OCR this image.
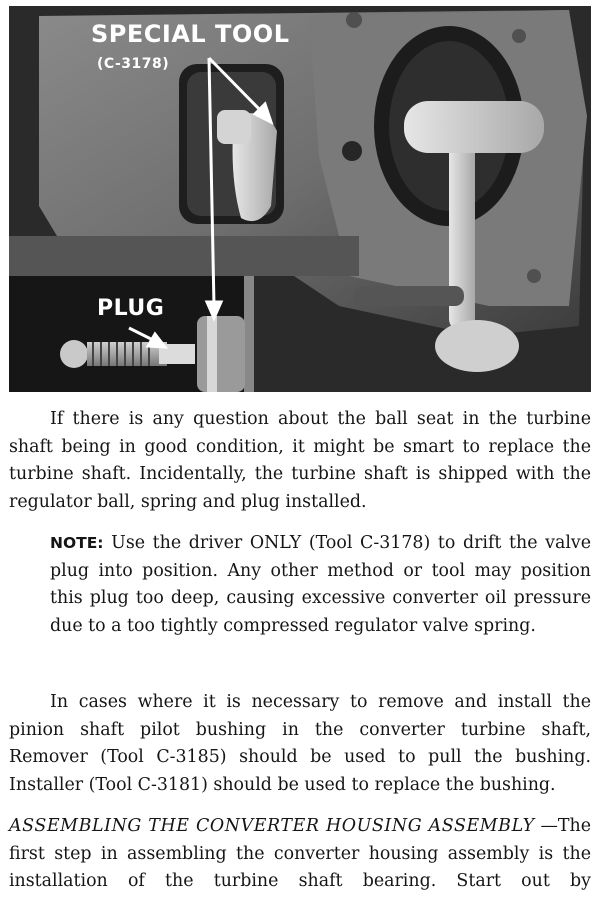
SPECIAL TOOL
(C-3178)
PLUG
If there is any question about the ball seat in the turbine shaft being in good condition, it might be smart to replace the turbine shaft. Incidentally, the turbine shaft is shipped with the regulator ball, spring and plug installed.
NOTE: Use the driver ONLY (Tool C-3178) to drift the valve plug into position. Any other method or tool may position this plug too deep, causing excessive converter oil pressure due to a too tightly compressed regulator valve spring.
In cases where it is necessary to remove and install the pinion shaft pilot bushing in the converter turbine shaft, Remover (Tool C-3185) should be used to pull the bushing. Installer (Tool C-3181) should be used to replace the bushing.
ASSEMBLING THE CONVERTER HOUSING ASSEMBLY —The first step in assembling the converter housing assembly is the installation of the turbine shaft bearing. Start out by
